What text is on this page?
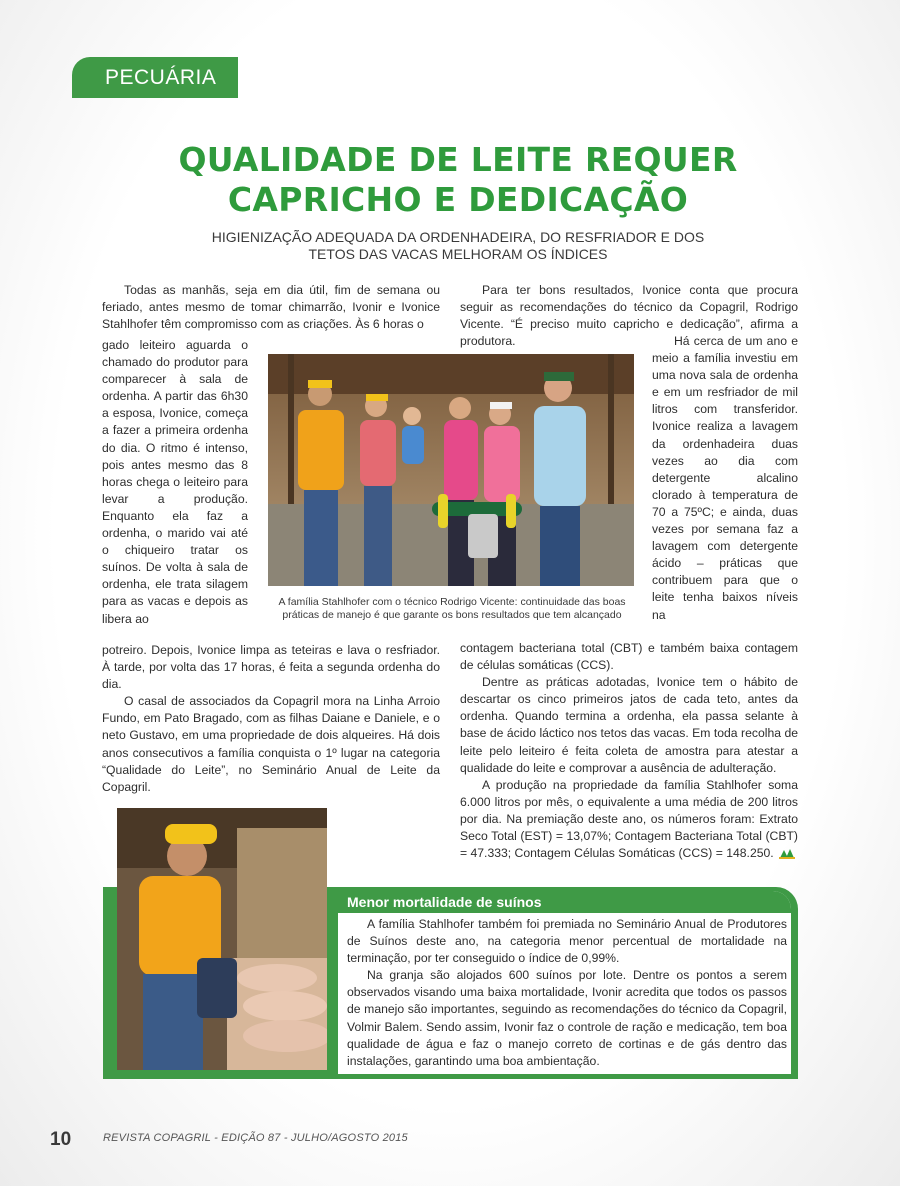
PECUÁRIA
QUALIDADE DE LEITE REQUER
CAPRICHO E DEDICAÇÃO
HIGIENIZAÇÃO ADEQUADA DA ORDENHADEIRA, DO RESFRIADOR E DOS
TETOS DAS VACAS MELHORAM OS ÍNDICES

Todas as manhãs, seja em dia útil, fim de semana ou feriado, antes mesmo de tomar chimarrão, Ivonir e Ivonice Stahlhofer têm compromisso com as criações. Às 6 horas o

gado leiteiro aguarda o chamado do produtor para comparecer à sala de ordenha. A partir das 6h30 a esposa, Ivonice, começa a fazer a primeira ordenha do dia. O ritmo é intenso, pois antes mesmo das 8 horas chega o leiteiro para levar a produção. Enquanto ela faz a ordenha, o marido vai até o chiqueiro tratar os suínos. De volta à sala de ordenha, ele trata silagem para as vacas e depois as libera ao

potreiro. Depois, Ivonice limpa as teteiras e lava o resfriador. À tarde, por volta das 17 horas, é feita a segunda ordenha do dia.

O casal de associados da Copagril mora na Linha Arroio Fundo, em Pato Bragado, com as filhas Daiane e Daniele, e o neto Gustavo, em uma propriedade de dois alqueires. Há dois anos consecutivos a família conquista o 1º lugar na categoria “Qualidade do Leite”, no Seminário Anual de Leite da Copagril.

Para ter bons resultados, Ivonice conta que procura seguir as recomendações do técnico da Copagril, Rodrigo Vicente. “É preciso muito capricho e dedicação”, afirma a produtora.	Há cerca de um ano e meio a família investiu em uma nova sala de ordenha e em um resfriador de mil litros com transferidor. Ivonice realiza a lavagem da ordenhadeira duas vezes ao dia com detergente alcalino clorado à temperatura de 70 a 75ºC; e ainda, duas vezes por semana faz a lavagem com detergente ácido – práticas que contribuem para que o leite tenha baixos níveis na

contagem bacteriana total (CBT) e também baixa contagem de células somáticas (CCS).

Dentre as práticas adotadas, Ivonice tem o hábito de descartar os cinco primeiros jatos de cada teto, antes da ordenha. Quando termina a ordenha, ela passa selante à base de ácido láctico nos tetos das vacas. Em toda recolha de leite pelo leiteiro é feita coleta de amostra para atestar a qualidade do leite e comprovar a ausência de adulteração.

A produção na propriedade da família Stahlhofer soma 6.000 litros por mês, o equivalente a uma média de 200 litros por dia. Na premiação deste ano, os números foram: Extrato Seco Total (EST) = 13,07%; Contagem Bacteriana Total (CBT) = 47.333; Contagem Células Somáticas (CCS) = 148.250.

A família Stahlhofer com o técnico Rodrigo Vicente: continuidade das boas
práticas de manejo é que garante os bons resultados que tem alcançado
Menor mortalidade de suínos

A família Stahlhofer também foi premiada no Seminário Anual de Produtores de Suínos deste ano, na categoria menor percentual de mortalidade na terminação, por ter conseguido o índice de 0,99%.

Na granja são alojados 600 suínos por lote. Dentre os pontos a serem observados visando uma baixa mortalidade, Ivonir acredita que todos os passos de manejo são importantes, seguindo as recomendações do técnico da Copagril, Volmir Balem. Sendo assim, Ivonir faz o controle de ração e medicação, tem boa qualidade de água e faz o manejo correto de cortinas e de gás dentro das instalações, garantindo uma boa ambientação.

10	REVISTA COPAGRIL - EDIÇÃO 87 - JULHO/AGOSTO 2015
